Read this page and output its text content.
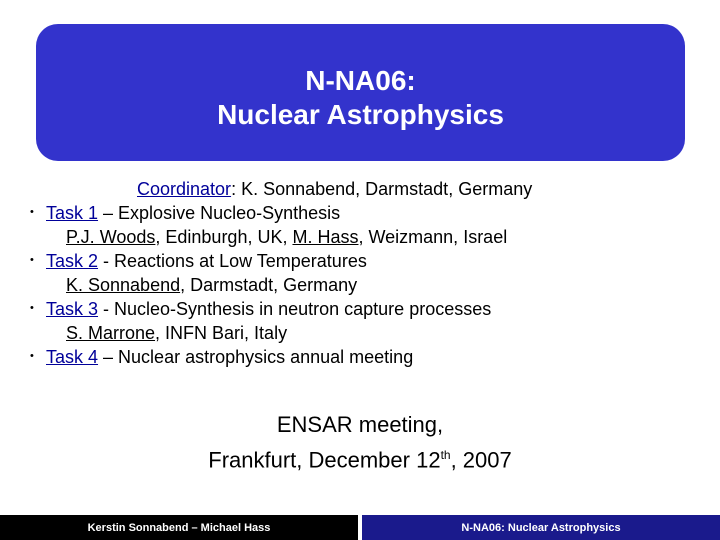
N-NA06:
Nuclear Astrophysics
Coordinator: K. Sonnabend, Darmstadt, Germany
• Task 1 – Explosive Nucleo-Synthesis
P.J. Woods, Edinburgh, UK, M. Hass, Weizmann, Israel
• Task 2 - Reactions at Low Temperatures
K. Sonnabend, Darmstadt, Germany
• Task 3 - Nucleo-Synthesis in neutron capture processes
S. Marrone, INFN Bari, Italy
• Task 4 – Nuclear astrophysics annual meeting
ENSAR meeting,
Frankfurt, December 12th, 2007
Kerstin Sonnabend – Michael Hass	N-NA06: Nuclear Astrophysics
